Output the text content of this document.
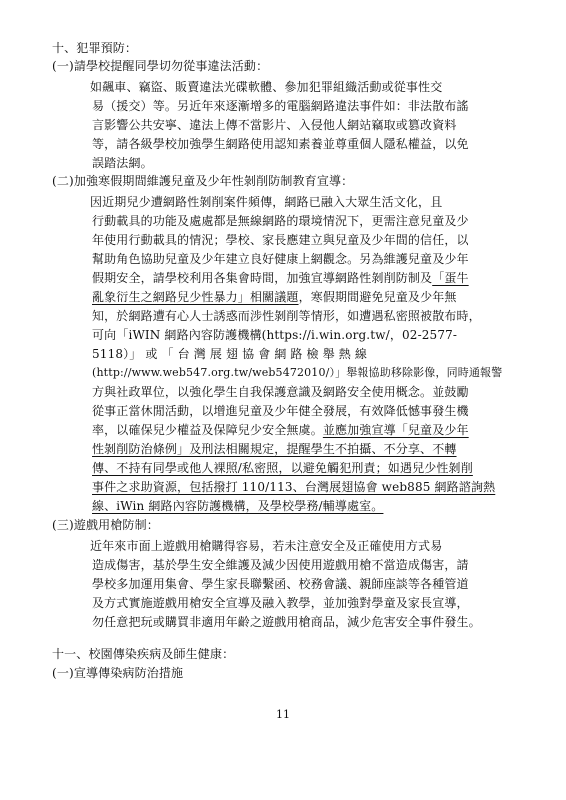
十、犯罪預防：
(一)請學校提醒同學切勿從事違法活動：
如飆車、竊盜、販賣違法光碟軟體、參加犯罪組織活動或從事性交
易（援交）等。另近年來逐漸增多的電腦網路違法事件如：非法散布謠
言影響公共安寧、違法上傳不當影片、入侵他人網站竊取或篡改資料
等，請各級學校加強學生網路使用認知素養並尊重個人隱私權益，以免
誤踏法網。
(二)加強寒假期間維護兒童及少年性剝削防制教育宣導：
因近期兒少遭網路性剝削案件頻傳，網路已融入大眾生活文化，且
行動載具的功能及處處都是無線網路的環境情況下，更需注意兒童及少
年使用行動載具的情況；學校、家長應建立與兒童及少年間的信任，以
幫助角色協助兒童及少年建立良好健康上網觀念。另為維護兒童及少年
假期安全，請學校利用各集會時間，加強宣導網路性剝削防制及「蛋牛
亂象衍生之網路兒少性暴力」相關議題，寒假期間避免兒童及少年無
知，於網路遭有心人士誘惑而涉性剝削等情形，如遭遇私密照被散布時，
可向「iWIN 網路內容防護機構(https://i.win.org.tw/，02-2577-
5118）」 或 「 台 灣 展 翅 協 會 網 路 檢 舉 熱 線
(http://www.web547.org.tw/web5472010/）」舉報協助移除影像，同時通報警
方與社政單位，以強化學生自我保護意識及網路安全使用概念。並鼓勵
從事正當休閒活動，以增進兒童及少年健全發展，有效降低憾事發生機
率，以確保兒少權益及保障兒少安全無虞。並應加強宣導「兒童及少年
性剝削防治條例」及刑法相關規定，提醒學生不拍攝、不分享、不轉
傳、不持有同學或他人裸照/私密照，以避免觸犯刑責；如遇兒少性剝削
事件之求助資源，包括撥打 110/113、台灣展翅協會 web885 網路諮詢熱
線、iWin 網路內容防護機構，及學校學務/輔導處室。
(三)遊戲用槍防制：
近年來市面上遊戲用槍購得容易，若未注意安全及正確使用方式易
造成傷害，基於學生安全維護及減少因使用遊戲用槍不當造成傷害，請
學校多加運用集會、學生家長聯繫函、校務會議、親師座談等各種管道
及方式實施遊戲用槍安全宣導及融入教學，並加強對學童及家長宣導，
勿任意把玩或購買非適用年齡之遊戲用槍商品，減少危害安全事件發生。
十一、校園傳染疾病及師生健康：
(一)宣導傳染病防治措施
11
